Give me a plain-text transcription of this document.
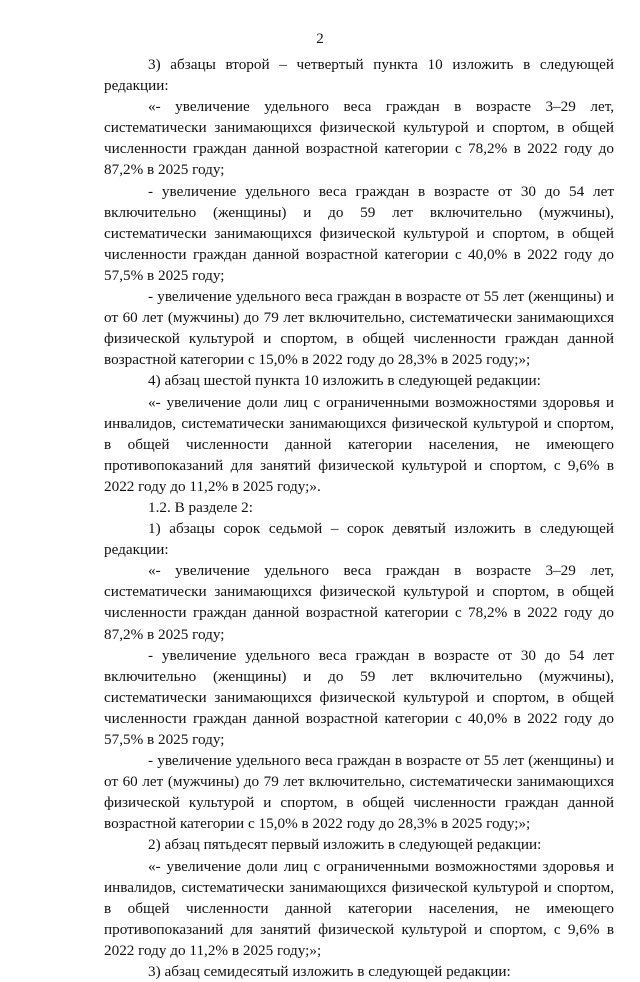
2

3) абзацы второй – четвертый пункта 10 изложить в следующей редакции:

«- увеличение удельного веса граждан в возрасте 3–29 лет, систематически занимающихся физической культурой и спортом, в общей численности граждан данной возрастной категории с 78,2% в 2022 году до 87,2% в 2025 году;

- увеличение удельного веса граждан в возрасте от 30 до 54 лет включительно (женщины) и до 59 лет включительно (мужчины), систематически занимающихся физической культурой и спортом, в общей численности граждан данной возрастной категории с 40,0% в 2022 году до 57,5% в 2025 году;

- увеличение удельного веса граждан в возрасте от 55 лет (женщины) и от 60 лет (мужчины) до 79 лет включительно, систематически занимающихся физической культурой и спортом, в общей численности граждан данной возрастной категории с 15,0% в 2022 году до 28,3% в 2025 году;»;

4) абзац шестой пункта 10 изложить в следующей редакции:

«- увеличение доли лиц с ограниченными возможностями здоровья и инвалидов, систематически занимающихся физической культурой и спортом, в общей численности данной категории населения, не имеющего противопоказаний для занятий физической культурой и спортом, с 9,6% в 2022 году до 11,2% в 2025 году;».

1.2. В разделе 2:

1) абзацы сорок седьмой – сорок девятый изложить в следующей редакции:

«- увеличение удельного веса граждан в возрасте 3–29 лет, систематически занимающихся физической культурой и спортом, в общей численности граждан данной возрастной категории с 78,2% в 2022 году до 87,2% в 2025 году;

- увеличение удельного веса граждан в возрасте от 30 до 54 лет включительно (женщины) и до 59 лет включительно (мужчины), систематически занимающихся физической культурой и спортом, в общей численности граждан данной возрастной категории с 40,0% в 2022 году до 57,5% в 2025 году;

- увеличение удельного веса граждан в возрасте от 55 лет (женщины) и от 60 лет (мужчины) до 79 лет включительно, систематически занимающихся физической культурой и спортом, в общей численности граждан данной возрастной категории с 15,0% в 2022 году до 28,3% в 2025 году;»;

2) абзац пятьдесят первый изложить в следующей редакции:

«- увеличение доли лиц с ограниченными возможностями здоровья и инвалидов, систематически занимающихся физической культурой и спортом, в общей численности данной категории населения, не имеющего противопоказаний для занятий физической культурой и спортом, с 9,6% в 2022 году до 11,2% в 2025 году;»;

3) абзац семидесятый изложить в следующей редакции:
